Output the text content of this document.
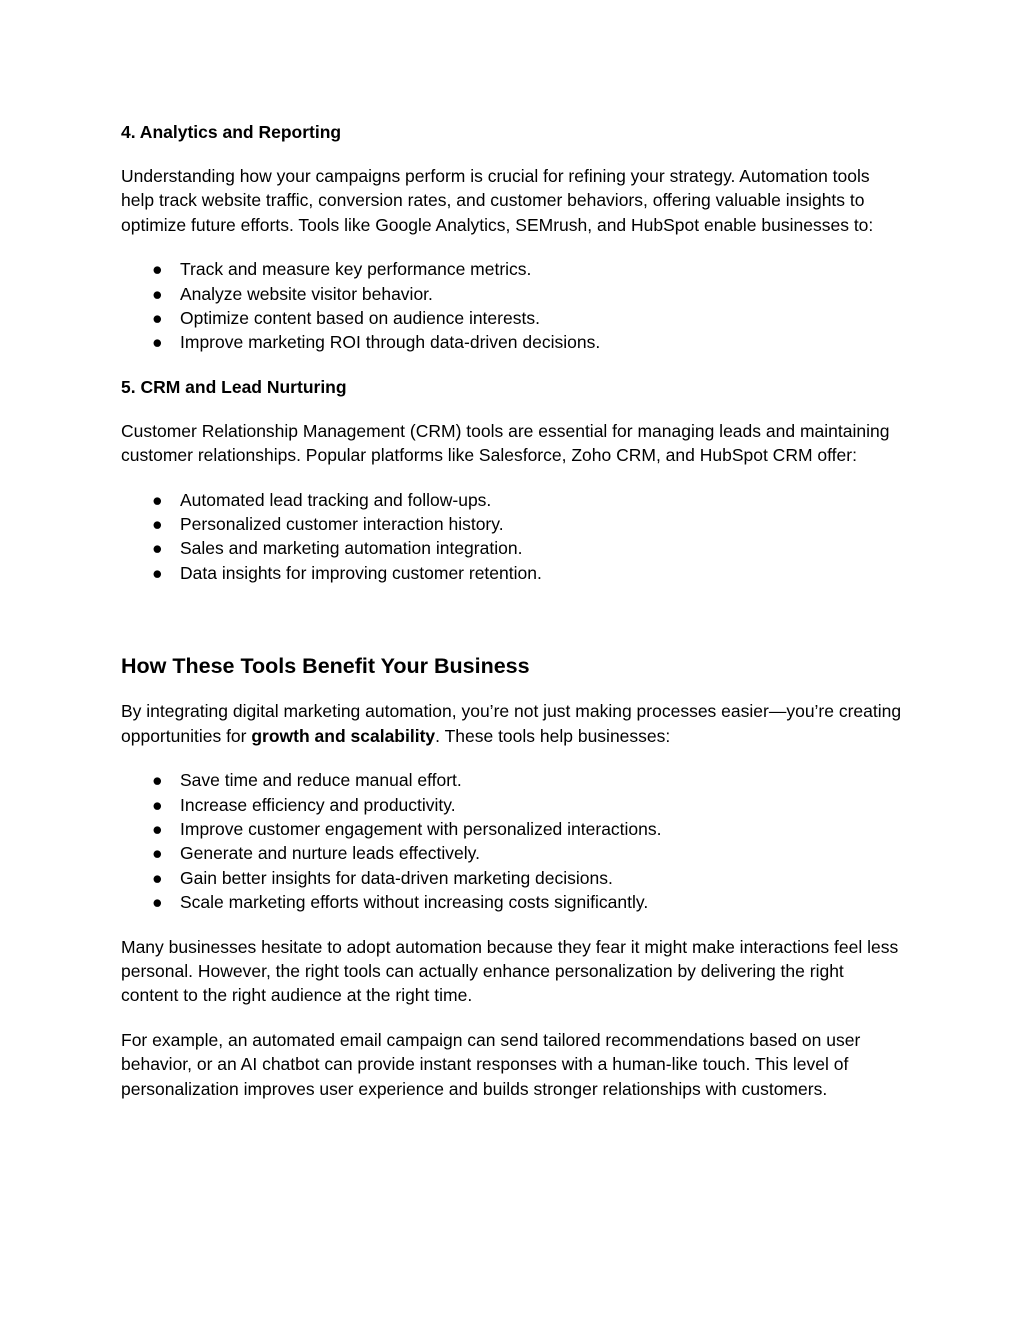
4. Analytics and Reporting

Understanding how your campaigns perform is crucial for refining your strategy. Automation tools help track website traffic, conversion rates, and customer behaviors, offering valuable insights to optimize future efforts. Tools like Google Analytics, SEMrush, and HubSpot enable businesses to:

● Track and measure key performance metrics.
● Analyze website visitor behavior.
● Optimize content based on audience interests.
● Improve marketing ROI through data-driven decisions.

5. CRM and Lead Nurturing

Customer Relationship Management (CRM) tools are essential for managing leads and maintaining customer relationships. Popular platforms like Salesforce, Zoho CRM, and HubSpot CRM offer:

● Automated lead tracking and follow-ups.
● Personalized customer interaction history.
● Sales and marketing automation integration.
● Data insights for improving customer retention.

How These Tools Benefit Your Business

By integrating digital marketing automation, you’re not just making processes easier—you’re creating opportunities for growth and scalability. These tools help businesses:

● Save time and reduce manual effort.
● Increase efficiency and productivity.
● Improve customer engagement with personalized interactions.
● Generate and nurture leads effectively.
● Gain better insights for data-driven marketing decisions.
● Scale marketing efforts without increasing costs significantly.

Many businesses hesitate to adopt automation because they fear it might make interactions feel less personal. However, the right tools can actually enhance personalization by delivering the right content to the right audience at the right time.

For example, an automated email campaign can send tailored recommendations based on user behavior, or an AI chatbot can provide instant responses with a human-like touch. This level of personalization improves user experience and builds stronger relationships with customers.
